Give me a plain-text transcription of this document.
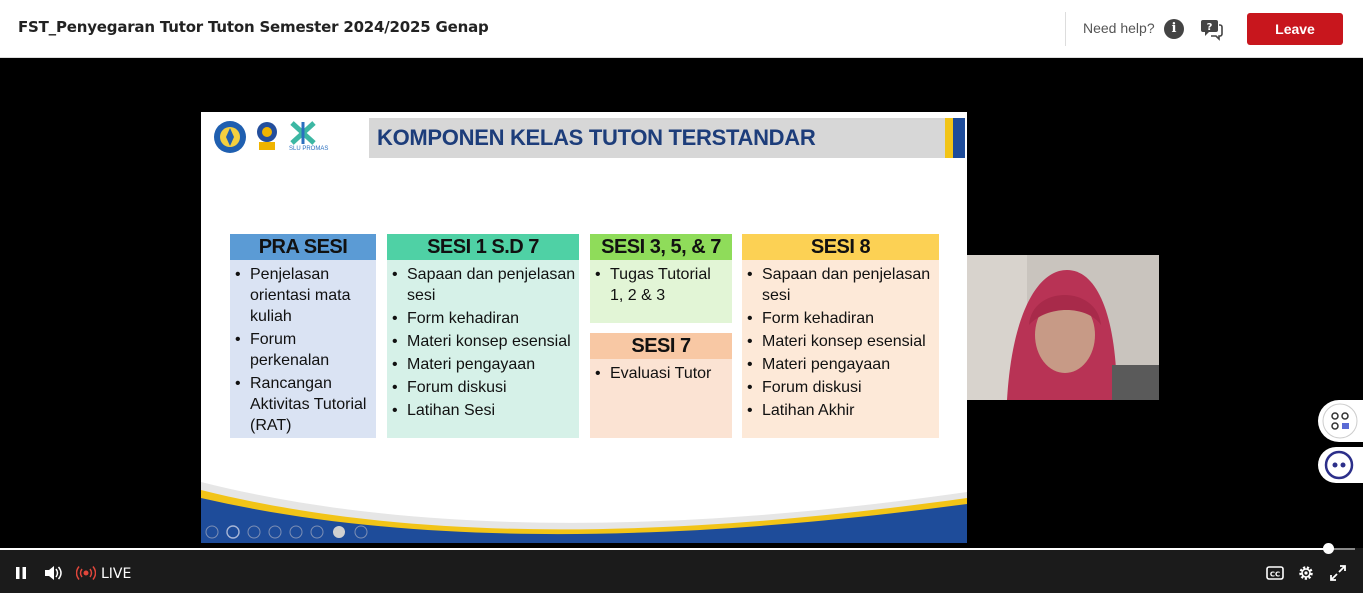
FST_Penyegaran Tutor Tuton Semester 2024/2025 Genap	Need help?	i	?	Leave
SLU PROMAS KOMPONEN KELAS TUTON TERSTANDAR
PRA SESI
• Penjelasan orientasi mata kuliah
• Forum perkenalan
• Rancangan Aktivitas Tutorial (RAT)
SESI 1 S.D 7
• Sapaan dan penjelasan sesi
• Form kehadiran
• Materi konsep esensial
• Materi pengayaan
• Forum diskusi
• Latihan Sesi
SESI 3, 5, & 7
• Tugas Tutorial 1, 2 & 3
SESI 7
• Evaluasi Tutor
SESI 8
• Sapaan dan penjelasan sesi
• Form kehadiran
• Materi konsep esensial
• Materi pengayaan
• Forum diskusi
• Latihan Akhir
LIVE	CC
